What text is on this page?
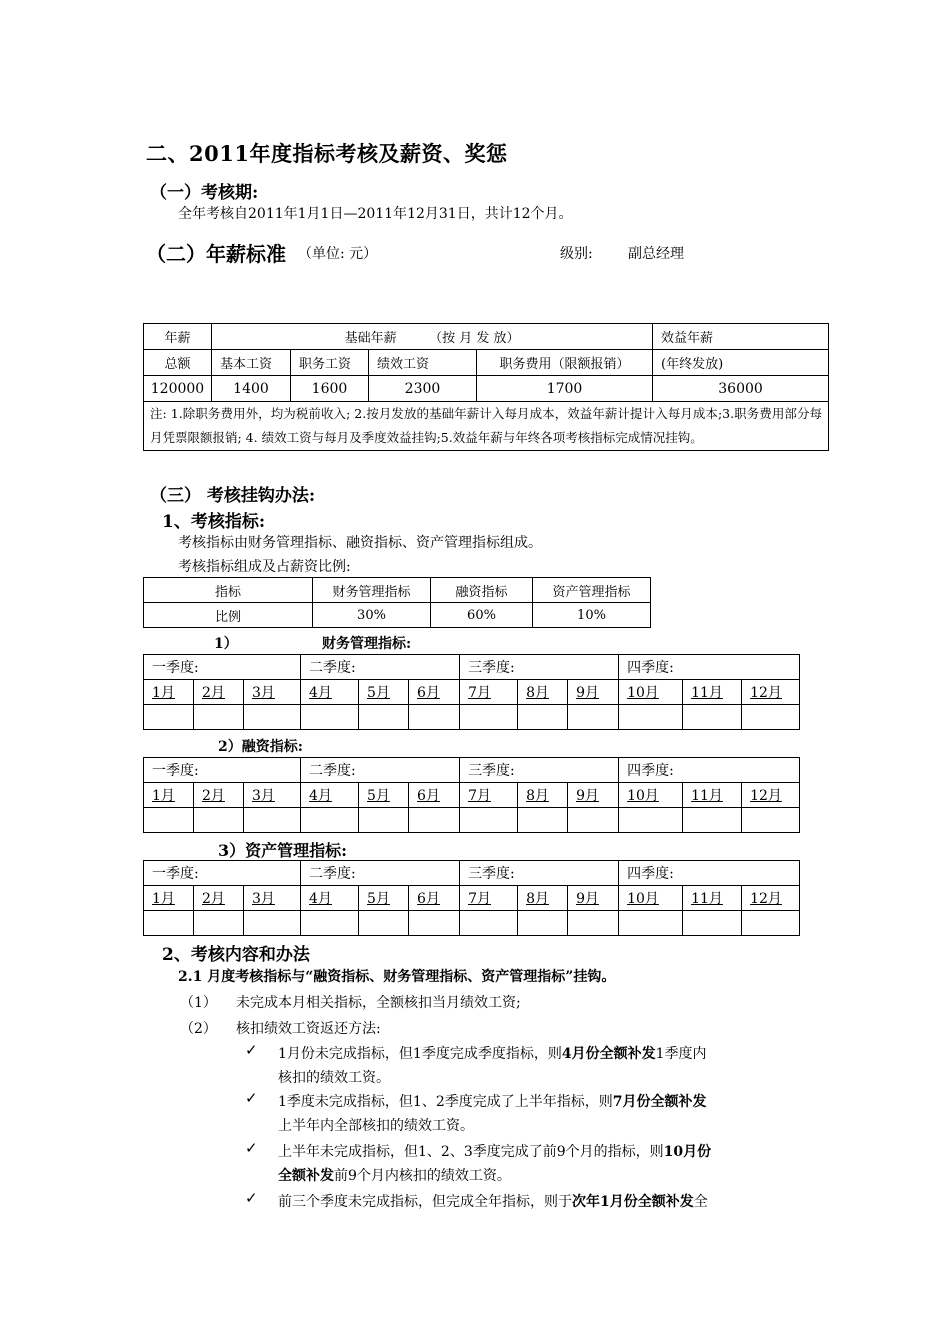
二、2011年度指标考核及薪资、奖惩
（一）考核期:
全年考核自2011年1月1日—2011年12月31日，共计12个月。
（二）年薪标准 （单位: 元）	级别:	副总经理
年薪	基础年薪　　　（按 月 发 放）				效益年薪
总额	基本工资	职务工资	绩效工资	职务费用（限额报销）	(年终发放)
120000	1400	1600	2300	1700	36000
注: 1.除职务费用外，均为税前收入; 2.按月发放的基础年薪计入每月成本，效益年薪计提计入每月成本;3.职务费用部分每月凭票限额报销; 4. 绩效工资与每月及季度效益挂钩;5.效益年薪与年终各项考核指标完成情况挂钩。					
（三） 考核挂钩办法:
1、考核指标:
考核指标由财务管理指标、融资指标、资产管理指标组成。
考核指标组成及占薪资比例:
指标	财务管理指标	融资指标	资产管理指标
比例	30%	60%	10%
1）	财务管理指标:
一季度:			二季度:			三季度:			四季度:		
1月	2月	3月	4月	5月	6月	7月	8月	9月	10月	11月	12月

2）融资指标:
一季度:			二季度:			三季度:			四季度:		
1月	2月	3月	4月	5月	6月	7月	8月	9月	10月	11月	12月

3）资产管理指标:
一季度:			二季度:			三季度:			四季度:		
1月	2月	3月	4月	5月	6月	7月	8月	9月	10月	11月	12月

2、考核内容和办法
2.1 月度考核指标与“融资指标、财务管理指标、资产管理指标”挂钩。
（1） 未完成本月相关指标，全额核扣当月绩效工资;
（2） 核扣绩效工资返还方法:
✓ 1月份未完成指标，但1季度完成季度指标，则4月份全额补发1季度内
核扣的绩效工资。
✓ 1季度未完成指标，但1、2季度完成了上半年指标，则7月份全额补发
上半年内全部核扣的绩效工资。
✓ 上半年未完成指标，但1、2、3季度完成了前9个月的指标，则10月份
全额补发前9个月内核扣的绩效工资。
✓ 前三个季度未完成指标，但完成全年指标，则于次年1月份全额补发全
